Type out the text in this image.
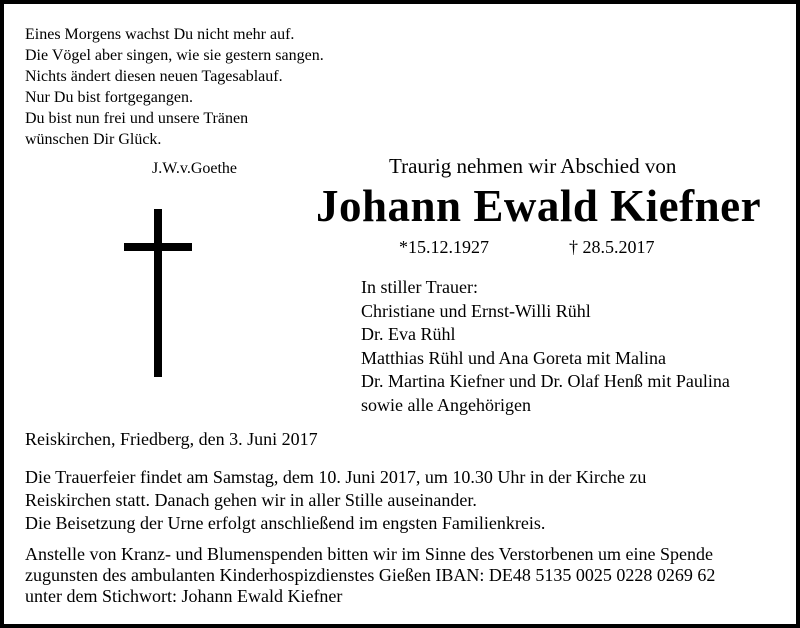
Eines Morgens wachst Du nicht mehr auf.
Die Vögel aber singen, wie sie gestern sangen.
Nichts ändert diesen neuen Tagesablauf.
Nur Du bist fortgegangen.
Du bist nun frei und unsere Tränen
wünschen Dir Glück.
J.W.v.Goethe	Traurig nehmen wir Abschied von
Johann Ewald Kiefner
*15.12.1927	† 28.5.2017
In stiller Trauer:
Christiane und Ernst-Willi Rühl
Dr. Eva Rühl
Matthias Rühl und Ana Goreta mit Malina
Dr. Martina Kiefner und Dr. Olaf Henß mit Paulina
sowie alle Angehörigen
Reiskirchen, Friedberg, den 3. Juni 2017
Die Trauerfeier findet am Samstag, dem 10. Juni 2017, um 10.30 Uhr in der Kirche zu
Reiskirchen statt. Danach gehen wir in aller Stille auseinander.
Die Beisetzung der Urne erfolgt anschließend im engsten Familienkreis.
Anstelle von Kranz- und Blumenspenden bitten wir im Sinne des Verstorbenen um eine Spende
zugunsten des ambulanten Kinderhospizdienstes Gießen IBAN: DE48 5135 0025 0228 0269 62
unter dem Stichwort: Johann Ewald Kiefner
